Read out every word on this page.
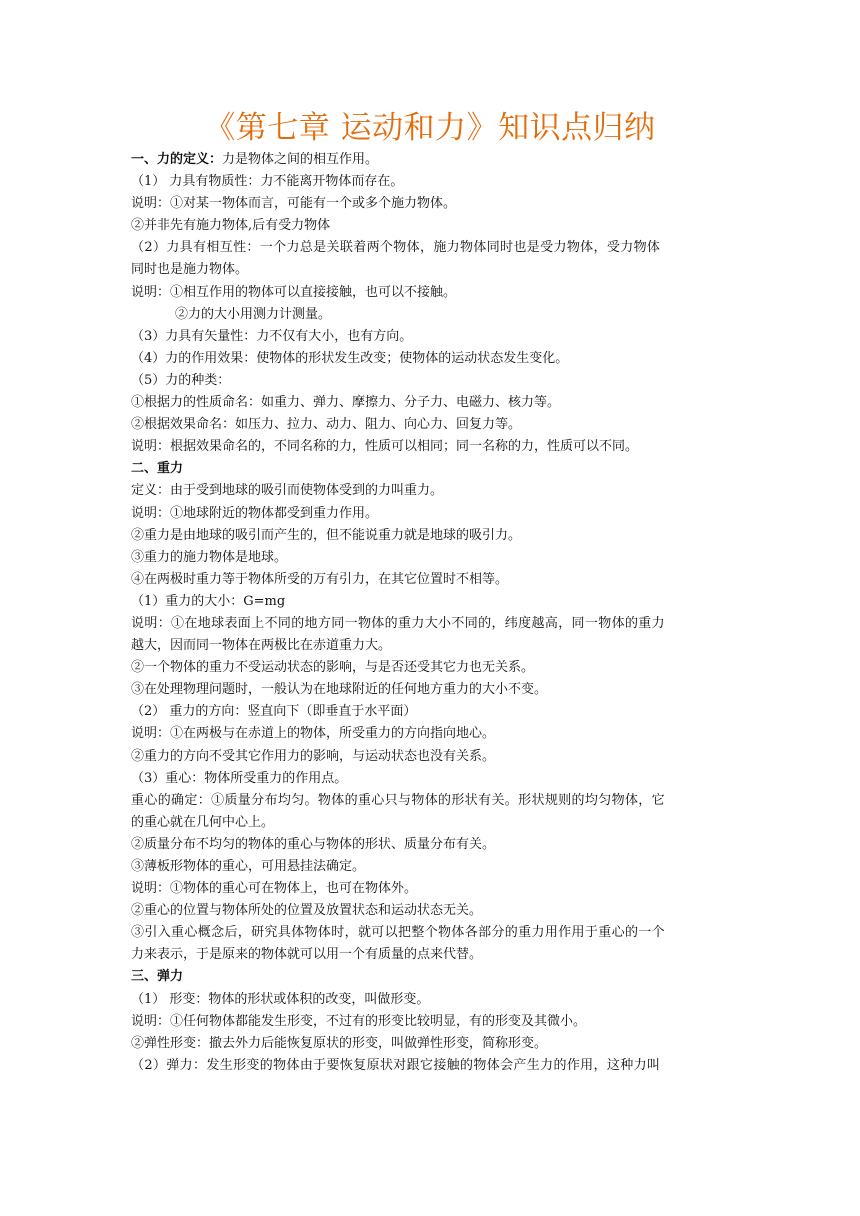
《第七章 运动和力》知识点归纳
一、力的定义：力是物体之间的相互作用。
（1） 力具有物质性：力不能离开物体而存在。
说明：①对某一物体而言，可能有一个或多个施力物体。
②并非先有施力物体,后有受力物体
（2）力具有相互性：一个力总是关联着两个物体，施力物体同时也是受力物体，受力物体
同时也是施力物体。
说明：①相互作用的物体可以直接接触，也可以不接触。
②力的大小用测力计测量。
（3）力具有矢量性：力不仅有大小，也有方向。
（4）力的作用效果：使物体的形状发生改变；使物体的运动状态发生变化。
（5）力的种类：
①根据力的性质命名：如重力、弹力、摩擦力、分子力、电磁力、核力等。
②根据效果命名：如压力、拉力、动力、阻力、向心力、回复力等。
说明：根据效果命名的，不同名称的力，性质可以相同；同一名称的力，性质可以不同。
二、重力
定义：由于受到地球的吸引而使物体受到的力叫重力。
说明：①地球附近的物体都受到重力作用。
②重力是由地球的吸引而产生的，但不能说重力就是地球的吸引力。
③重力的施力物体是地球。
④在两极时重力等于物体所受的万有引力，在其它位置时不相等。
（1）重力的大小：G=mg
说明：①在地球表面上不同的地方同一物体的重力大小不同的，纬度越高，同一物体的重力
越大，因而同一物体在两极比在赤道重力大。
②一个物体的重力不受运动状态的影响，与是否还受其它力也无关系。
③在处理物理问题时，一般认为在地球附近的任何地方重力的大小不变。
（2） 重力的方向：竖直向下（即垂直于水平面）
说明：①在两极与在赤道上的物体，所受重力的方向指向地心。
②重力的方向不受其它作用力的影响，与运动状态也没有关系。
（3）重心：物体所受重力的作用点。
重心的确定：①质量分布均匀。物体的重心只与物体的形状有关。形状规则的均匀物体，它
的重心就在几何中心上。
②质量分布不均匀的物体的重心与物体的形状、质量分布有关。
③薄板形物体的重心，可用悬挂法确定。
说明：①物体的重心可在物体上，也可在物体外。
②重心的位置与物体所处的位置及放置状态和运动状态无关。
③引入重心概念后，研究具体物体时，就可以把整个物体各部分的重力用作用于重心的一个
力来表示，于是原来的物体就可以用一个有质量的点来代替。
三、弹力
（1） 形变：物体的形状或体积的改变，叫做形变。
说明：①任何物体都能发生形变，不过有的形变比较明显，有的形变及其微小。
②弹性形变：撤去外力后能恢复原状的形变，叫做弹性形变，简称形变。
（2）弹力：发生形变的物体由于要恢复原状对跟它接触的物体会产生力的作用，这种力叫
